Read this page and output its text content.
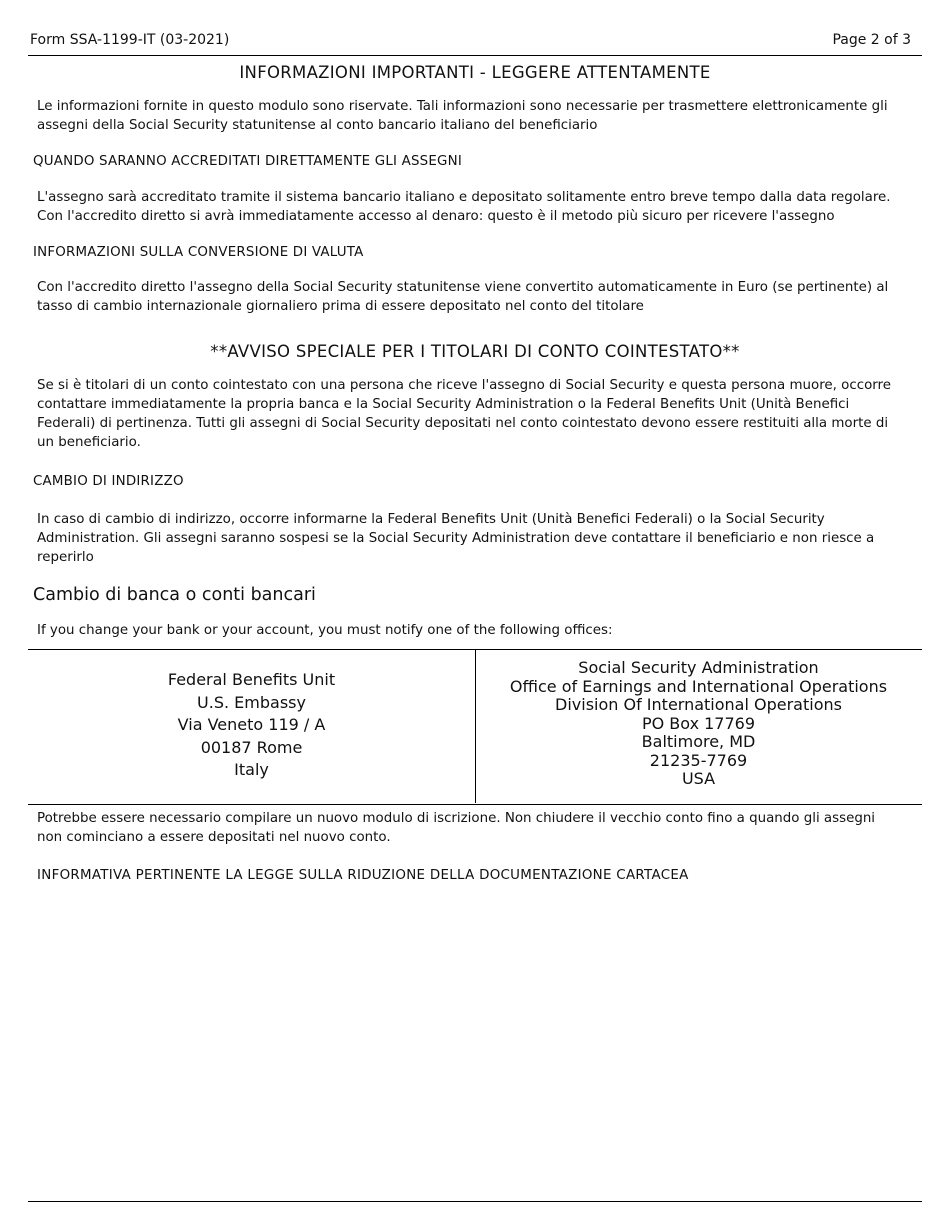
Form SSA-1199-IT (03-2021)	Page 2 of 3
INFORMAZIONI IMPORTANTI - LEGGERE ATTENTAMENTE
Le informazioni fornite in questo modulo sono riservate. Tali informazioni sono necessarie per trasmettere elettronicamente gli
assegni della Social Security statunitense al conto bancario italiano del beneficiario
QUANDO SARANNO ACCREDITATI DIRETTAMENTE GLI ASSEGNI
L'assegno sarà accreditato tramite il sistema bancario italiano e depositato solitamente entro breve tempo dalla data regolare.
Con l'accredito diretto si avrà immediatamente accesso al denaro: questo è il metodo più sicuro per ricevere l'assegno
INFORMAZIONI SULLA CONVERSIONE DI VALUTA
Con l'accredito diretto l'assegno della Social Security statunitense viene convertito automaticamente in Euro (se pertinente) al
tasso di cambio internazionale giornaliero prima di essere depositato nel conto del titolare
**AVVISO SPECIALE PER I TITOLARI DI CONTO COINTESTATO**
Se si è titolari di un conto cointestato con una persona che riceve l'assegno di Social Security e questa persona muore, occorre
contattare immediatamente la propria banca e la Social Security Administration o la Federal Benefits Unit (Unità Benefici
Federali) di pertinenza. Tutti gli assegni di Social Security depositati nel conto cointestato devono essere restituiti alla morte di
un beneficiario.
CAMBIO DI INDIRIZZO
In caso di cambio di indirizzo, occorre informarne la Federal Benefits Unit (Unità Benefici Federali) o la Social Security
Administration. Gli assegni saranno sospesi se la Social Security Administration deve contattare il beneficiario e non riesce a
reperirlo
Cambio di banca o conti bancari
If you change your bank or your account, you must notify one of the following offices:
Federal Benefits Unit
U.S. Embassy
Via Veneto 119 / A
00187 Rome
Italy
Social Security Administration
Office of Earnings and International Operations
Division Of International Operations
PO Box 17769
Baltimore, MD
21235-7769
USA
Potrebbe essere necessario compilare un nuovo modulo di iscrizione. Non chiudere il vecchio conto fino a quando gli assegni
non cominciano a essere depositati nel nuovo conto.
INFORMATIVA PERTINENTE LA LEGGE SULLA RIDUZIONE DELLA DOCUMENTAZIONE CARTACEA
